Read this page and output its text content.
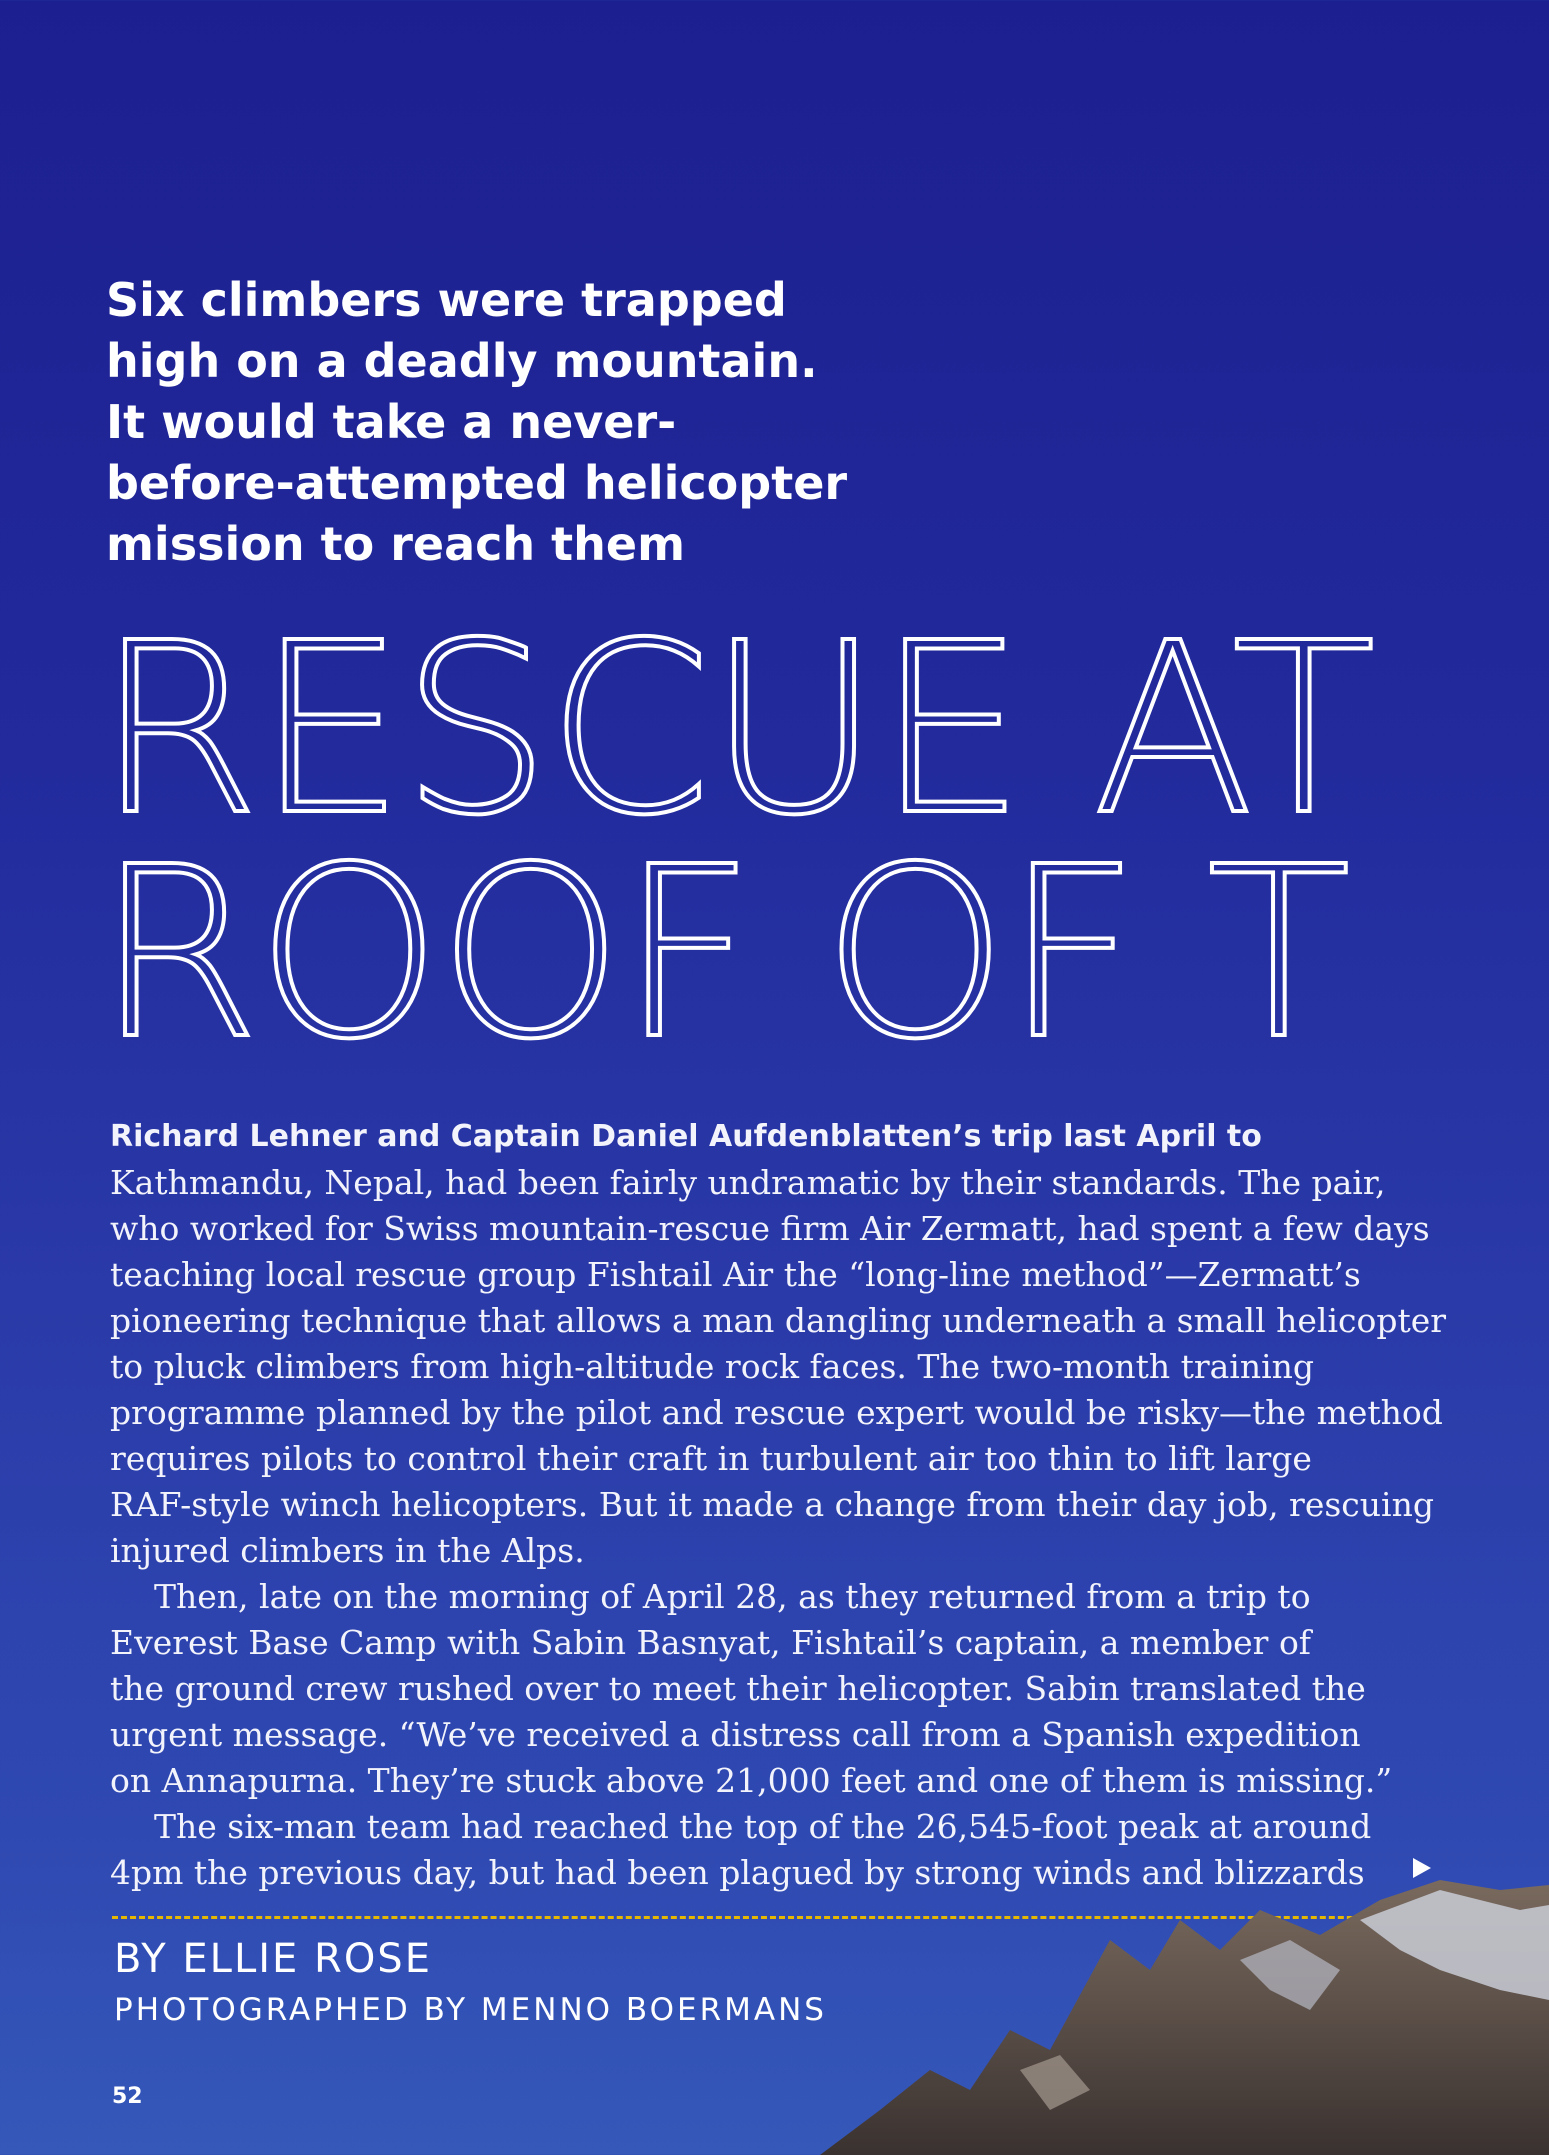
Six climbers were trapped
high on a deadly mountain.
It would take a never-
before-attempted helicopter
mission to reach them
RESCUE AT
ROOF OF T
Richard Lehner and Captain Daniel Aufdenblatten’s trip last April to
Kathmandu, Nepal, had been fairly undramatic by their standards. The pair,
who worked for Swiss mountain-rescue firm Air Zermatt, had spent a few days
teaching local rescue group Fishtail Air the “long-line method”—Zermatt’s
pioneering technique that allows a man dangling underneath a small helicopter
to pluck climbers from high-altitude rock faces. The two-month training
programme planned by the pilot and rescue expert would be risky—the method
requires pilots to control their craft in turbulent air too thin to lift large
RAF-style winch helicopters. But it made a change from their day job, rescuing
injured climbers in the Alps.
Then, late on the morning of April 28, as they returned from a trip to
Everest Base Camp with Sabin Basnyat, Fishtail’s captain, a member of
the ground crew rushed over to meet their helicopter. Sabin translated the
urgent message. “We’ve received a distress call from a Spanish expedition
on Annapurna. They’re stuck above 21,000 feet and one of them is missing.”
The six-man team had reached the top of the 26,545-foot peak at around
4pm the previous day, but had been plagued by strong winds and blizzards
BY ELLIE ROSE
PHOTOGRAPHED BY MENNO BOERMANS
52
